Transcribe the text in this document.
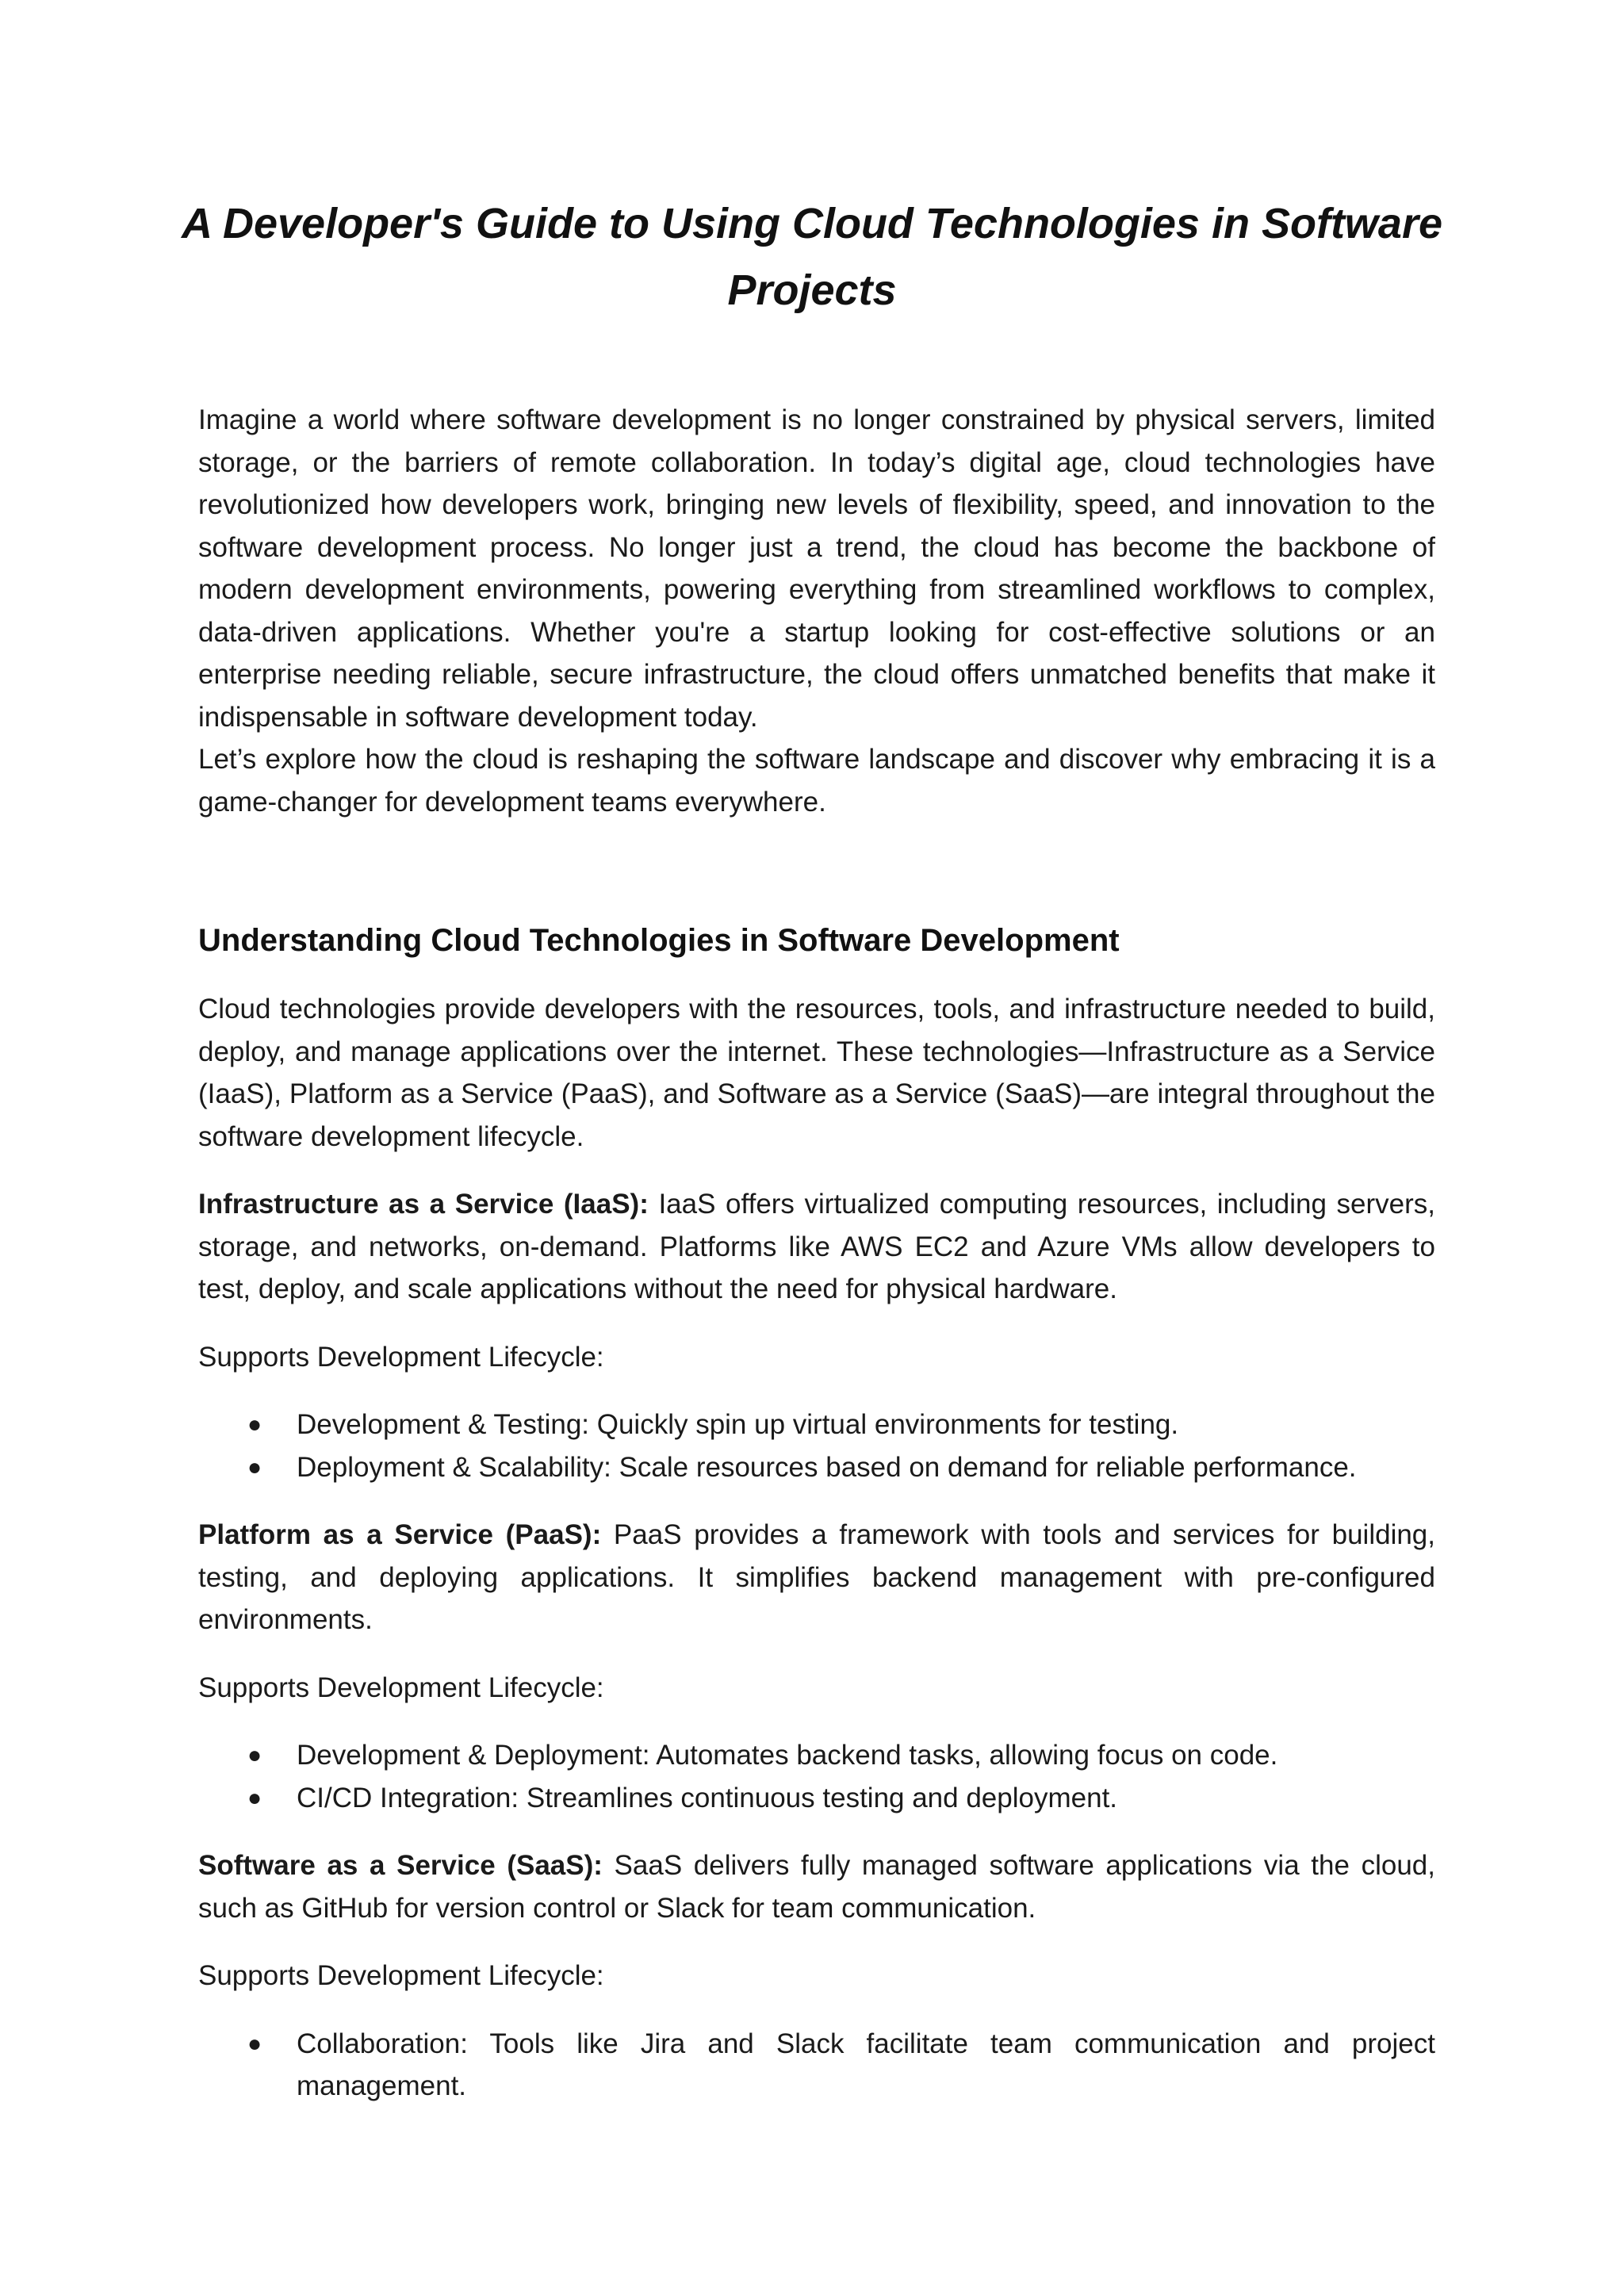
A Developer's Guide to Using Cloud Technologies in Software Projects

Imagine a world where software development is no longer constrained by physical servers, limited storage, or the barriers of remote collaboration. In today’s digital age, cloud technologies have revolutionized how developers work, bringing new levels of flexibility, speed, and innovation to the software development process. No longer just a trend, the cloud has become the backbone of modern development environments, powering everything from streamlined workflows to complex, data-driven applications. Whether you're a startup looking for cost-effective solutions or an enterprise needing reliable, secure infrastructure, the cloud offers unmatched benefits that make it indispensable in software development today.

Let’s explore how the cloud is reshaping the software landscape and discover why embracing it is a game-changer for development teams everywhere.

Understanding Cloud Technologies in Software Development

Cloud technologies provide developers with the resources, tools, and infrastructure needed to build, deploy, and manage applications over the internet. These technologies—Infrastructure as a Service (IaaS), Platform as a Service (PaaS), and Software as a Service (SaaS)—are integral throughout the software development lifecycle.

Infrastructure as a Service (IaaS): IaaS offers virtualized computing resources, including servers, storage, and networks, on-demand. Platforms like AWS EC2 and Azure VMs allow developers to test, deploy, and scale applications without the need for physical hardware.

Supports Development Lifecycle:

● Development & Testing: Quickly spin up virtual environments for testing.
● Deployment & Scalability: Scale resources based on demand for reliable performance.

Platform as a Service (PaaS): PaaS provides a framework with tools and services for building, testing, and deploying applications. It simplifies backend management with pre-configured environments.

Supports Development Lifecycle:

● Development & Deployment: Automates backend tasks, allowing focus on code.
● CI/CD Integration: Streamlines continuous testing and deployment.

Software as a Service (SaaS): SaaS delivers fully managed software applications via the cloud, such as GitHub for version control or Slack for team communication.

Supports Development Lifecycle:

● Collaboration: Tools like Jira and Slack facilitate team communication and project management.
